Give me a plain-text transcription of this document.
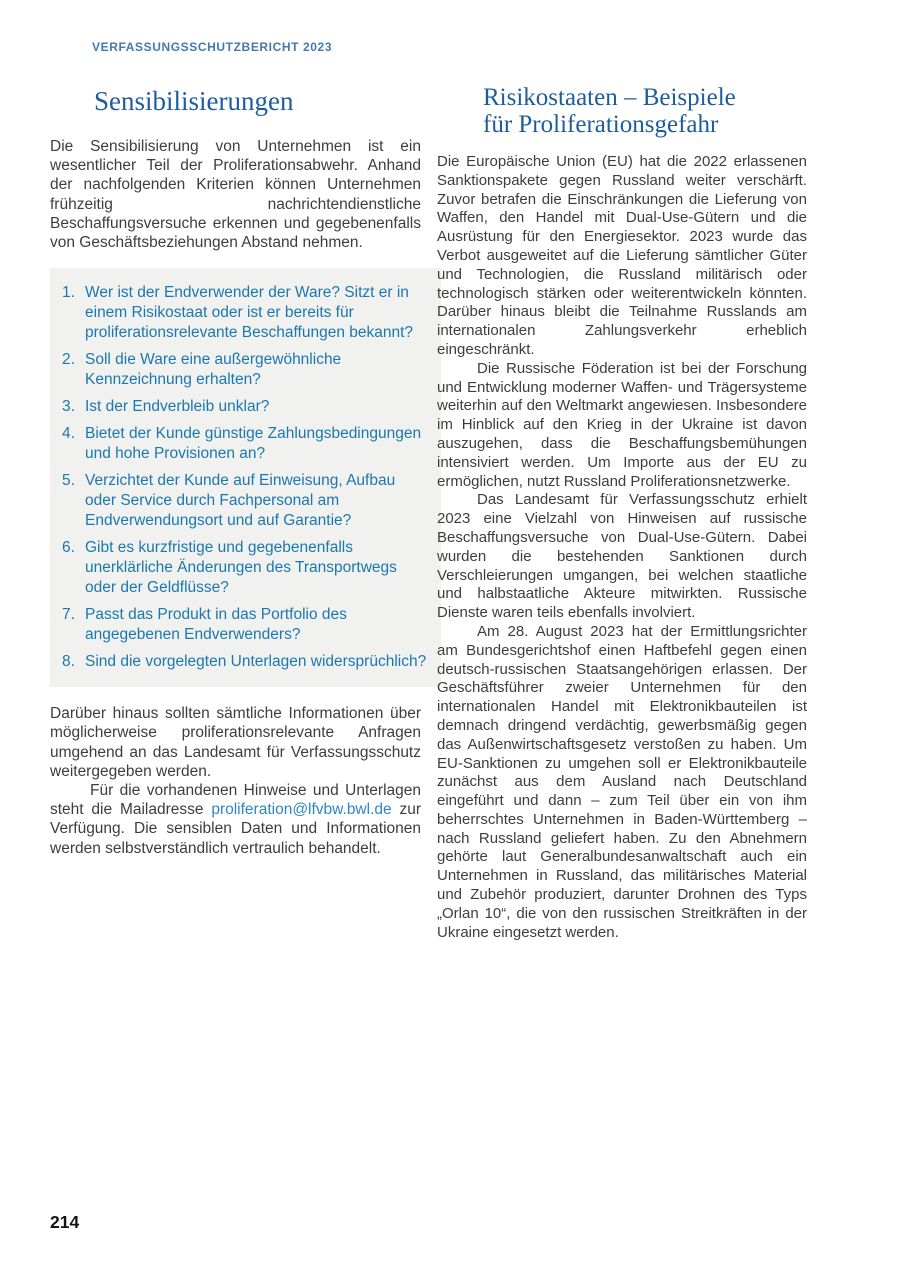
VERFASSUNGSSCHUTZBERICHT 2023
Sensibilisierungen
Die Sensibilisierung von Unternehmen ist ein wesentlicher Teil der Proliferationsabwehr. Anhand der nachfolgenden Kriterien können Unternehmen frühzeitig nachrichtendienstliche Beschaffungsversuche erkennen und gegebenenfalls von Geschäftsbeziehungen Abstand nehmen.
1. Wer ist der Endverwender der Ware? Sitzt er in einem Risikostaat oder ist er bereits für proliferationsrelevante Beschaffungen bekannt?
2. Soll die Ware eine außergewöhnliche Kennzeichnung erhalten?
3. Ist der Endverbleib unklar?
4. Bietet der Kunde günstige Zahlungsbedingungen und hohe Provisionen an?
5. Verzichtet der Kunde auf Einweisung, Aufbau oder Service durch Fachpersonal am Endverwendungsort und auf Garantie?
6. Gibt es kurzfristige und gegebenenfalls unerklärliche Änderungen des Transportwegs oder der Geldflüsse?
7. Passt das Produkt in das Portfolio des angegebenen Endverwenders?
8. Sind die vorgelegten Unterlagen widersprüchlich?

Darüber hinaus sollten sämtliche Informationen über möglicherweise proliferationsrelevante Anfragen umgehend an das Landesamt für Verfassungsschutz weitergegeben werden.

Für die vorhandenen Hinweise und Unterlagen steht die Mailadresse proliferation@lfvbw.bwl.de zur Verfügung. Die sensiblen Daten und Informationen werden selbstverständlich vertraulich behandelt.

Risikostaaten – Beispiele
für Proliferationsgefahr

Die Europäische Union (EU) hat die 2022 erlassenen Sanktionspakete gegen Russland weiter verschärft. Zuvor betrafen die Einschränkungen die Lieferung von Waffen, den Handel mit Dual-Use-Gütern und die Ausrüstung für den Energiesektor. 2023 wurde das Verbot ausgeweitet auf die Lieferung sämtlicher Güter und Technologien, die Russland militärisch oder technologisch stärken oder weiterentwickeln könnten. Darüber hinaus bleibt die Teilnahme Russlands am internationalen Zahlungsverkehr erheblich eingeschränkt.

Die Russische Föderation ist bei der Forschung und Entwicklung moderner Waffen- und Trägersysteme weiterhin auf den Weltmarkt angewiesen. Insbesondere im Hinblick auf den Krieg in der Ukraine ist davon auszugehen, dass die Beschaffungsbemühungen intensiviert werden. Um Importe aus der EU zu ermöglichen, nutzt Russland Proliferationsnetzwerke.

Das Landesamt für Verfassungsschutz erhielt 2023 eine Vielzahl von Hinweisen auf russische Beschaffungsversuche von Dual-Use-Gütern. Dabei wurden die bestehenden Sanktionen durch Verschleierungen umgangen, bei welchen staatliche und halbstaatliche Akteure mitwirkten. Russische Dienste waren teils ebenfalls involviert.

Am 28. August 2023 hat der Ermittlungsrichter am Bundesgerichtshof einen Haftbefehl gegen einen deutsch-russischen Staatsangehörigen erlassen. Der Geschäftsführer zweier Unternehmen für den internationalen Handel mit Elektronikbauteilen ist demnach dringend verdächtig, gewerbsmäßig gegen das Außenwirtschaftsgesetz verstoßen zu haben. Um EU-Sanktionen zu umgehen soll er Elektronikbauteile zunächst aus dem Ausland nach Deutschland eingeführt und dann – zum Teil über ein von ihm beherrschtes Unternehmen in Baden-Württemberg – nach Russland geliefert haben. Zu den Abnehmern gehörte laut Generalbundesanwaltschaft auch ein Unternehmen in Russland, das militärisches Material und Zubehör produziert, darunter Drohnen des Typs „Orlan 10“, die von den russischen Streitkräften in der Ukraine eingesetzt werden.

214
